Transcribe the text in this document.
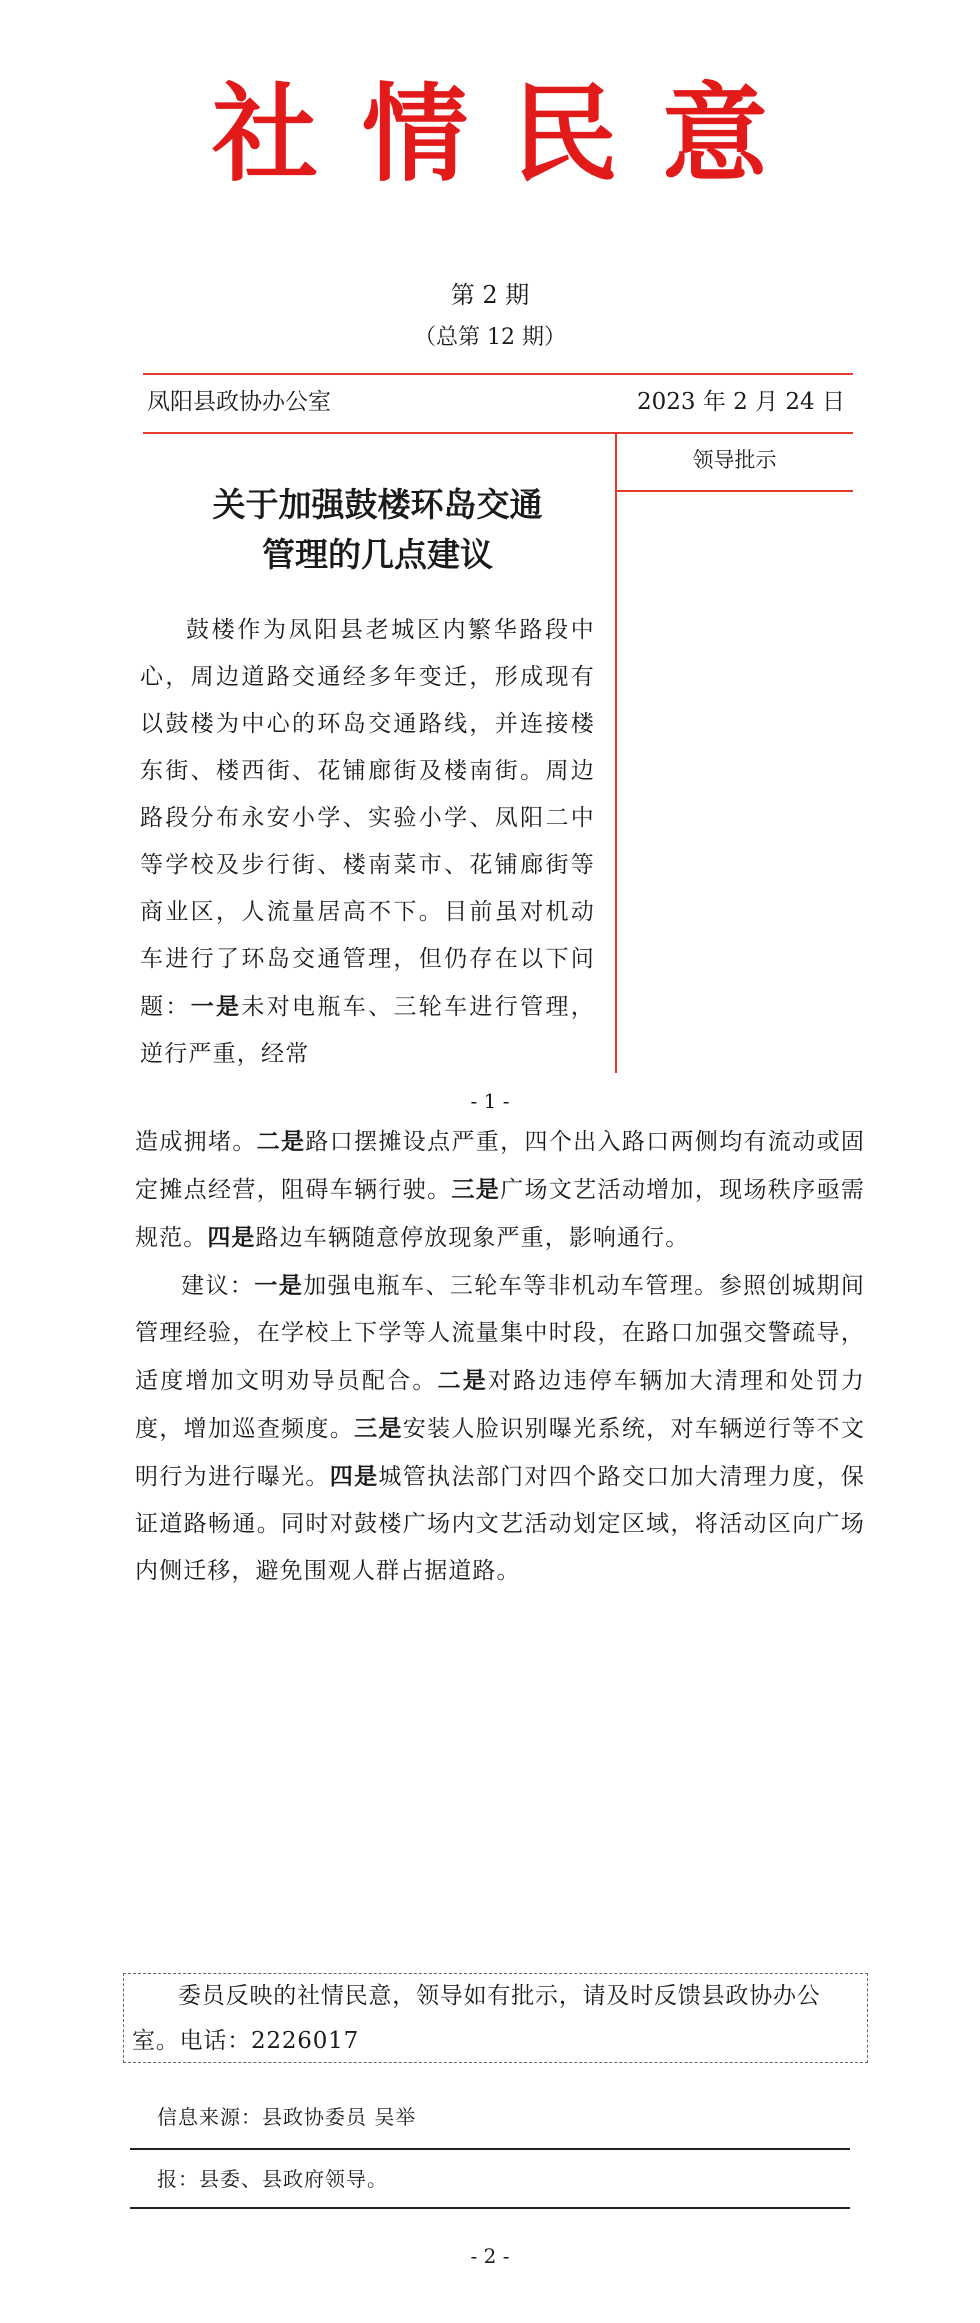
社情民意
第 2 期
（总第 12 期）
凤阳县政协办公室	2023 年 2 月 24 日
领导批示
关于加强鼓楼环岛交通
管理的几点建议

鼓楼作为凤阳县老城区内繁华路段中心，周边道路交通经多年变迁，形成现有以鼓楼为中心的环岛交通路线，并连接楼东街、楼西街、花铺廊街及楼南街。周边路段分布永安小学、实验小学、凤阳二中等学校及步行街、楼南菜市、花铺廊街等商业区，人流量居高不下。目前虽对机动车进行了环岛交通管理，但仍存在以下问题：一是未对电瓶车、三轮车进行管理，逆行严重，经常

- 1 -

造成拥堵。二是路口摆摊设点严重，四个出入路口两侧均有流动或固定摊点经营，阻碍车辆行驶。三是广场文艺活动增加，现场秩序亟需规范。四是路边车辆随意停放现象严重，影响通行。

建议：一是加强电瓶车、三轮车等非机动车管理。参照创城期间管理经验，在学校上下学等人流量集中时段，在路口加强交警疏导，适度增加文明劝导员配合。二是对路边违停车辆加大清理和处罚力度，增加巡查频度。三是安装人脸识别曝光系统，对车辆逆行等不文明行为进行曝光。四是城管执法部门对四个路交口加大清理力度，保证道路畅通。同时对鼓楼广场内文艺活动划定区域，将活动区向广场内侧迁移，避免围观人群占据道路。

委员反映的社情民意，领导如有批示，请及时反馈县政协办公室。电话：2226017

信息来源：县政协委员 吴举
报：县委、县政府领导。
- 2 -
